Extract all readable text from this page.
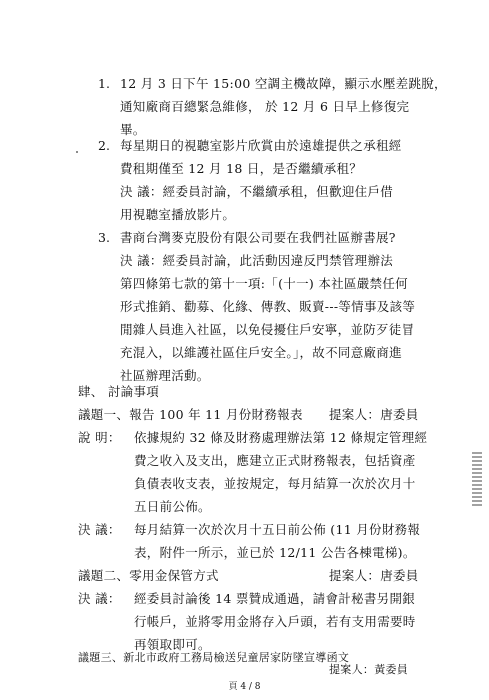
1. 12 月 3 日下午 15:00 空調主機故障，顯示水壓差跳脫，
通知廠商百總緊急維修， 於 12 月 6 日早上修復完
畢。
2. 每星期日的視聽室影片欣賞由於遠雄提供之承租經
費租期僅至 12 月 18 日，是否繼續承租？
決 議：經委員討論，不繼續承租，但歡迎住戶借
用視聽室播放影片。
3. 書商台灣麥克股份有限公司要在我們社區辦書展?
決 議：經委員討論，此活動因違反門禁管理辦法
第四條第七款的第十一項:「(十一) 本社區嚴禁任何
形式推銷、勸募、化緣、傳教、販賣---等情事及該等
閒雜人員進入社區，以免侵擾住戶安寧，並防歹徒冒
充混入，以維護社區住戶安全。」，故不同意廠商進
社區辦理活動。
肆、 討論事項
議題一、報告 100 年 11 月份財務報表 提案人：唐委員
說 明： 依據規約 32 條及財務處理辦法第 12 條規定管理經
費之收入及支出，應建立正式財務報表，包括資產
負債表收支表，並按規定，每月結算一次於次月十
五日前公佈。
決 議： 每月結算一次於次月十五日前公佈 (11 月份財務報
表，附件一所示，並已於 12/11 公告各棟電梯)。
議題二、零用金保管方式	提案人：唐委員
決 議： 經委員討論後 14 票贊成通過，請會計秘書另開銀
行帳戶，並將零用金將存入戶頭，若有支用需要時
再領取即可。
議題三、新北市政府工務局檢送兒童居家防墜宣導函文
提案人：黃委員
頁 4 / 8
